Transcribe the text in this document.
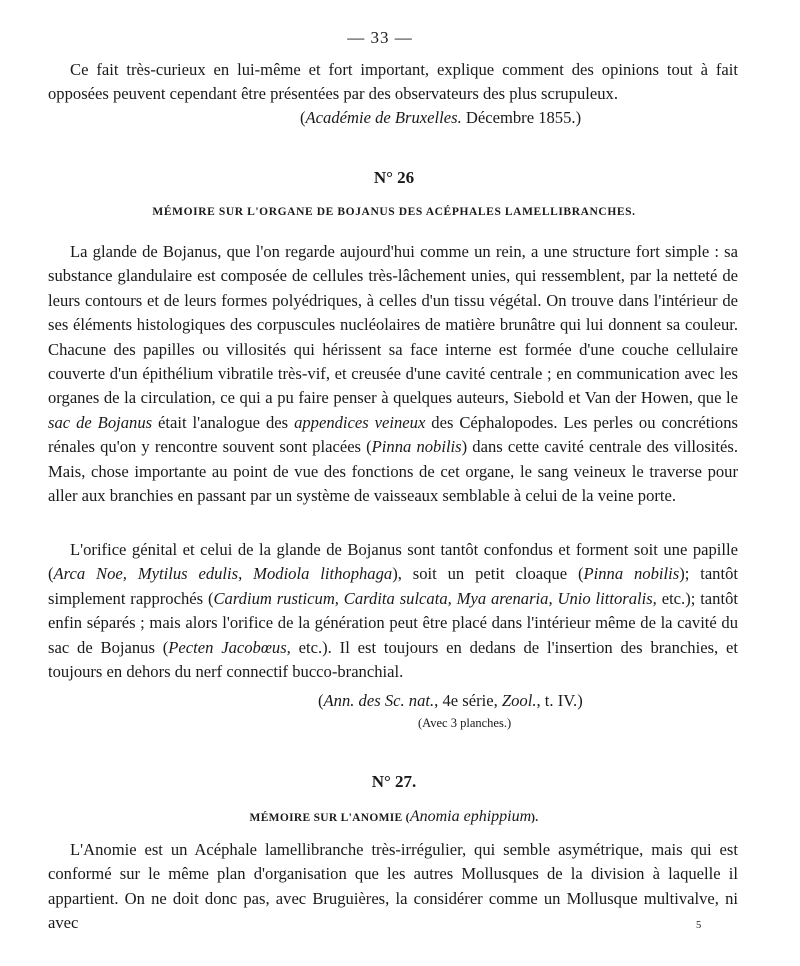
— 33 —

Ce fait très-curieux en lui-même et fort important, explique comment des opinions tout à fait opposées peuvent cependant être présentées par des observateurs des plus scrupuleux.

(Académie de Bruxelles. Décembre 1855.)
N° 26
MÉMOIRE SUR L'ORGANE DE BOJANUS DES ACÉPHALES LAMELLIBRANCHES.

La glande de Bojanus, que l'on regarde aujourd'hui comme un rein, a une structure fort simple : sa substance glandulaire est composée de cellules très-lâchement unies, qui ressemblent, par la netteté de leurs contours et de leurs formes polyédriques, à celles d'un tissu végétal. On trouve dans l'intérieur de ses éléments histologiques des corpuscules nucléolaires de matière brunâtre qui lui donnent sa couleur. Chacune des papilles ou villosités qui hérissent sa face interne est formée d'une couche cellulaire couverte d'un épithélium vibratile très-vif, et creusée d'une cavité centrale ; en communication avec les organes de la circulation, ce qui a pu faire penser à quelques auteurs, Siebold et Van der Howen, que le sac de Bojanus était l'analogue des appendices veineux des Céphalopodes. Les perles ou concrétions rénales qu'on y rencontre souvent sont placées (Pinna nobilis) dans cette cavité centrale des villosités. Mais, chose importante au point de vue des fonctions de cet organe, le sang veineux le traverse pour aller aux branchies en passant par un système de vaisseaux semblable à celui de la veine porte.

L'orifice génital et celui de la glande de Bojanus sont tantôt confondus et forment soit une papille (Arca Noe, Mytilus edulis, Modiola lithophaga), soit un petit cloaque (Pinna nobilis); tantôt simplement rapprochés (Cardium rusticum, Cardita sulcata, Mya arenaria, Unio littoralis, etc.); tantôt enfin séparés ; mais alors l'orifice de la génération peut être placé dans l'intérieur même de la cavité du sac de Bojanus (Pecten Jacobœus, etc.). Il est toujours en dedans de l'insertion des branchies, et toujours en dehors du nerf connectif bucco-branchial.

(Ann. des Sc. nat., 4e série, Zool., t. IV.)
(Avec 3 planches.)
N° 27.
MÉMOIRE SUR L'ANOMIE (Anomia ephippium).

L'Anomie est un Acéphale lamellibranche très-irrégulier, qui semble asymétrique, mais qui est conformé sur le même plan d'organisation que les autres Mollusques de la division à laquelle il appartient. On ne doit donc pas, avec Bruguières, la considérer comme un Mollusque multivalve, ni avec	5
